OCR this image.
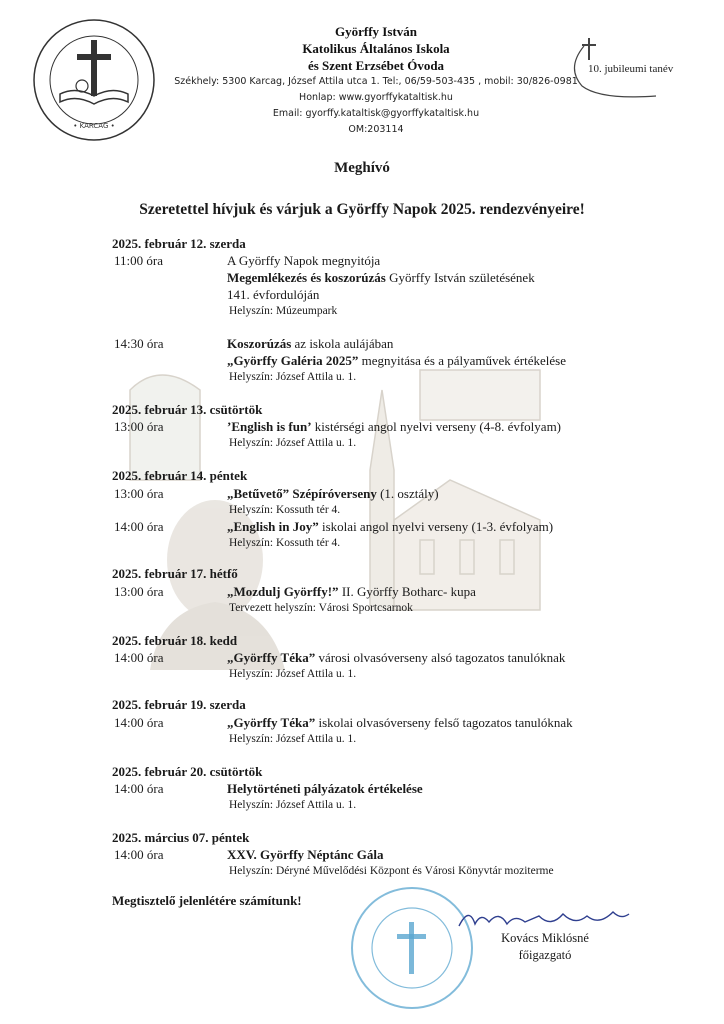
• KARCAG •
Györffy István
Katolikus Általános Iskola
és Szent Erzsébet Óvoda
Székhely: 5300 Karcag, József Attila utca 1. Tel:, 06/59-503-435 , mobil: 30/826-0981
Honlap: www.gyorffykataltisk.hu
Email: gyorffy.kataltisk@gyorffykataltisk.hu
OM:203114
10. jubileumi tanév
Meghívó
Szeretettel hívjuk és várjuk a Györffy Napok 2025. rendezvényeire!
2025. február 12. szerda
11:00 óra	A Györffy Napok megnyitója
Megemlékezés és koszorúzás Györffy István születésének
141. évfordulóján
Helyszín: Múzeumpark
14:30 óra	Koszorúzás az iskola aulájában
„Györffy Galéria 2025” megnyitása és a pályaművek értékelése
Helyszín: József Attila u. 1.
2025. február 13. csütörtök
13:00 óra	’English is fun’ kistérségi angol nyelvi verseny (4-8. évfolyam)
Helyszín: József Attila u. 1.
2025. február 14. péntek
13:00 óra	„Betűvető” Szépíróverseny (1. osztály)
Helyszín: Kossuth tér 4.
14:00 óra	„English in Joy” iskolai angol nyelvi verseny (1-3. évfolyam)
Helyszín: Kossuth tér 4.
2025. február 17. hétfő
13:00 óra	„Mozdulj Györffy!” II. Györffy Botharc- kupa
Tervezett helyszín: Városi Sportcsarnok
2025. február 18. kedd
14:00 óra	„Györffy Téka” városi olvasóverseny alsó tagozatos tanulóknak
Helyszín: József Attila u. 1.
2025. február 19. szerda
14:00 óra	„Györffy Téka” iskolai olvasóverseny felső tagozatos tanulóknak
Helyszín: József Attila u. 1.
2025. február 20. csütörtök
14:00 óra	Helytörténeti pályázatok értékelése
Helyszín: József Attila u. 1.
2025. március 07. péntek
14:00 óra	XXV. Györffy Néptánc Gála
Helyszín: Déryné Művelődési Központ és Városi Könyvtár moziterme
Megtisztelő jelenlétére számítunk!
Kovács Miklósné
főigazgató
